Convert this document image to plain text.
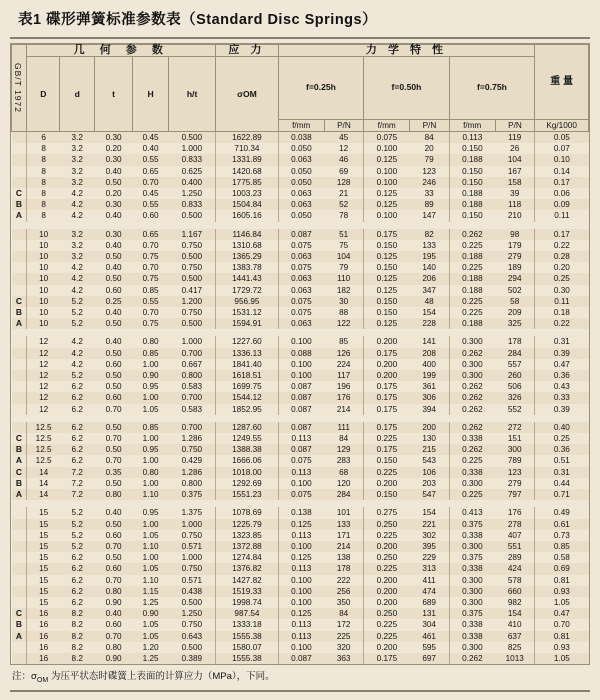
表1 碟形弹簧标准参数表（Standard Disc Springs）
GB/T 1972	几 何 参 数					应 力	力 学 特 性						重 量
	D	d	t	H	h/t	σOM	f=0.25h		f=0.50h		f=0.75h		
							f/mm	P/N	f/mm	P/N	f/mm	P/N	Kg/1000
	6	3.2	0.30	0.45	0.500	1622.89	0.038	45	0.075	84	0.113	119	0.05
	8	3.2	0.20	0.40	1.000	710.34	0.050	12	0.100	20	0.150	26	0.07
	8	3.2	0.30	0.55	0.833	1331.89	0.063	46	0.125	79	0.188	104	0.10
	8	3.2	0.40	0.65	0.625	1420.68	0.050	69	0.100	123	0.150	167	0.14
	8	3.2	0.50	0.70	0.400	1775.85	0.050	128	0.100	246	0.150	158	0.17
C	8	4.2	0.20	0.45	1.250	1003.23	0.063	21	0.125	33	0.188	39	0.06
B	8	4.2	0.30	0.55	0.833	1504.84	0.063	52	0.125	89	0.188	118	0.09
A	8	4.2	0.40	0.60	0.500	1605.16	0.050	78	0.100	147	0.150	210	0.11

	10	3.2	0.30	0.65	1.167	1146.84	0.087	51	0.175	82	0.262	98	0.17
	10	3.2	0.40	0.70	0.750	1310.68	0.075	75	0.150	133	0.225	179	0.22
	10	3.2	0.50	0.75	0.500	1365.29	0.063	104	0.125	195	0.188	279	0.28
	10	4.2	0.40	0.70	0.750	1383.78	0.075	79	0.150	140	0.225	189	0.20
	10	4.2	0.50	0.75	0.500	1441.43	0.063	110	0.125	206	0.188	294	0.25
	10	4.2	0.60	0.85	0.417	1729.72	0.063	182	0.125	347	0.188	502	0.30
C	10	5.2	0.25	0.55	1.200	956.95	0.075	30	0.150	48	0.225	58	0.11
B	10	5.2	0.40	0.70	0.750	1531.12	0.075	88	0.150	154	0.225	209	0.18
A	10	5.2	0.50	0.75	0.500	1594.91	0.063	122	0.125	228	0.188	325	0.22

	12	4.2	0.40	0.80	1.000	1227.60	0.100	85	0.200	141	0.300	178	0.31
	12	4.2	0.50	0.85	0.700	1336.13	0.088	126	0.175	208	0.262	284	0.39
	12	4.2	0.60	1.00	0.667	1841.40	0.100	224	0.200	400	0.300	557	0.47
	12	5.2	0.50	0.90	0.800	1618.51	0.100	117	0.200	199	0.300	260	0.36
	12	6.2	0.50	0.95	0.583	1699.75	0.087	196	0.175	361	0.262	506	0.43
	12	6.2	0.60	1.00	0.700	1544.12	0.087	176	0.175	306	0.262	326	0.33
	12	6.2	0.70	1.05	0.583	1852.95	0.087	214	0.175	394	0.262	552	0.39

	12.5	6.2	0.50	0.85	0.700	1287.60	0.087	111	0.175	200	0.262	272	0.40
C	12.5	6.2	0.70	1.00	1.286	1249.55	0.113	84	0.225	130	0.338	151	0.25
B	12.5	6.2	0.50	0.95	0.750	1388.38	0.087	129	0.175	215	0.262	300	0.36
A	12.5	6.2	0.70	1.00	0.429	1666.06	0.075	283	0.150	543	0.225	789	0.51
C	14	7.2	0.35	0.80	1.286	1018.00	0.113	68	0.225	106	0.338	123	0.31
B	14	7.2	0.50	1.00	0.800	1292.69	0.100	120	0.200	203	0.300	279	0.44
A	14	7.2	0.80	1.10	0.375	1551.23	0.075	284	0.150	547	0.225	797	0.71

	15	5.2	0.40	0.95	1.375	1078.69	0.138	101	0.275	154	0.413	176	0.49
	15	5.2	0.50	1.00	1.000	1225.79	0.125	133	0.250	221	0.375	278	0.61
	15	5.2	0.60	1.05	0.750	1323.85	0.113	171	0.225	302	0.338	407	0.73
	15	5.2	0.70	1.10	0.571	1372.88	0.100	214	0.200	395	0.300	551	0.85
	15	6.2	0.50	1.00	1.000	1274.84	0.125	138	0.250	229	0.375	289	0.58
	15	6.2	0.60	1.05	0.750	1376.82	0.113	178	0.225	313	0.338	424	0.69
	15	6.2	0.70	1.10	0.571	1427.82	0.100	222	0.200	411	0.300	578	0.81
	15	6.2	0.80	1.15	0.438	1519.33	0.100	256	0.200	474	0.300	660	0.93
	15	6.2	0.90	1.25	0.500	1998.74	0.100	350	0.200	689	0.300	982	1.05
C	16	8.2	0.40	0.90	1.250	987.54	0.125	84	0.250	131	0.375	154	0.47
B	16	8.2	0.60	1.05	0.750	1333.18	0.113	172	0.225	304	0.338	410	0.70
A	16	8.2	0.70	1.05	0.643	1555.38	0.113	225	0.225	461	0.338	637	0.81
	16	8.2	0.80	1.20	0.500	1580.07	0.100	320	0.200	595	0.300	825	0.93
	16	8.2	0.90	1.25	0.389	1555.38	0.087	363	0.175	697	0.262	1013	1.05
注：$\sigma_{OM}$ 为压平状态时碟簧上表面的计算应力（MPa），下同。
